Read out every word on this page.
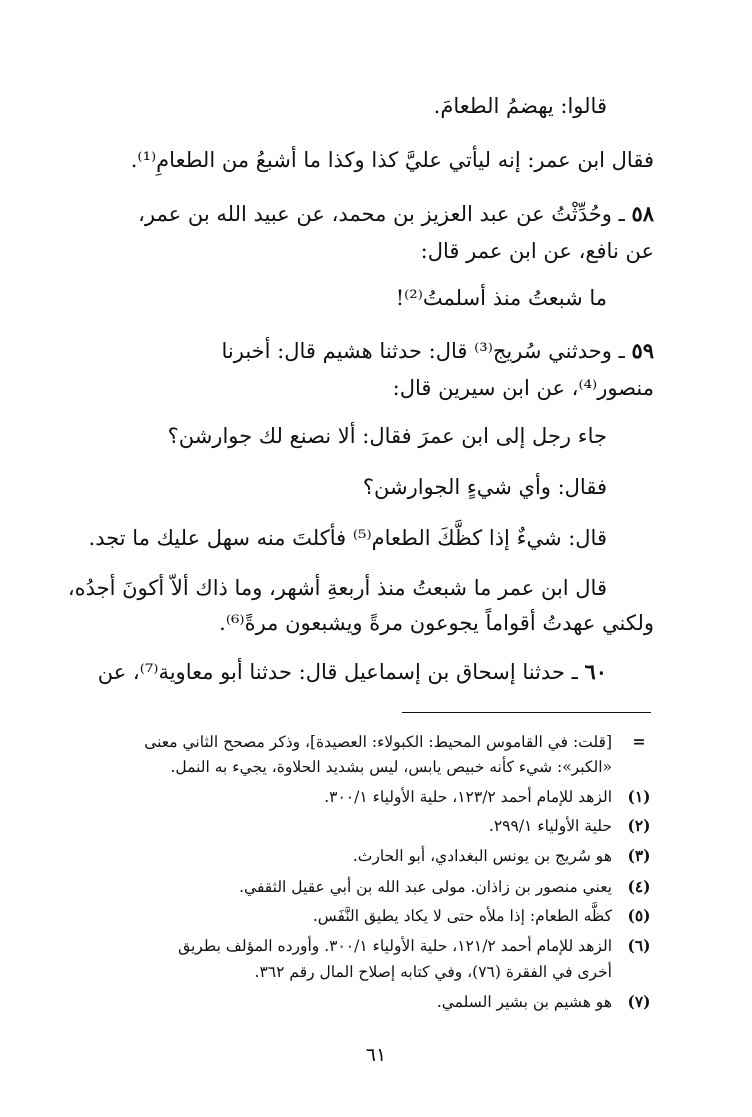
قالوا: يهضمُ الطعامَ.
فقال ابن عمر: إنه ليأتي عليَّ كذا وكذا ما أشبعُ من الطعامِ⁽¹⁾.
٥٨ ـ وحُدِّثْتُ عن عبد العزيز بن محمد، عن عبيد الله بن عمر،
عن نافع، عن ابن عمر قال:
ما شبعتُ منذ أسلمتُ⁽²⁾!
٥٩ ـ وحدثني سُريج⁽³⁾ قال: حدثنا هشيم قال: أخبرنا
منصور⁽⁴⁾، عن ابن سيرين قال:
جاء رجل إلى ابن عمرَ فقال: ألا نصنع لك جوارشن؟
فقال: وأي شيءٍ الجوارشن؟
قال: شيءٌ إذا كظَّكَ الطعام⁽⁵⁾ فأكلتَ منه سهل عليك ما تجد.
قال ابن عمر ما شبعتُ منذ أربعةِ أشهر، وما ذاك ألاّ أكونَ أجدُه،
ولكني عهدتُ أقواماً يجوعون مرةً ويشبعون مرةً⁽⁶⁾.
٦٠ ـ حدثنا إسحاق بن إسماعيل قال: حدثنا أبو معاوية⁽⁷⁾، عن
=
[قلت: في القاموس المحيط: الكبولاء: العصيدة]، وذكر مصحح الثاني معنى
«الكبر»: شيء كأنه خبيص يابس، ليس بشديد الحلاوة، يجيء به النمل.
(١)
الزهد للإمام أحمد ١٢٣/٢، حلية الأولياء ٣٠٠/١.
(٢)
حلية الأولياء ٢٩٩/١.
(٣)
هو سُريج بن يونس البغدادي، أبو الحارث.
(٤)
يعني منصور بن زاذان. مولى عبد الله بن أبي عقيل الثقفي.
(٥)
كظَّه الطعام: إذا ملأه حتى لا يكاد يطيق النَّفَس.
(٦)
الزهد للإمام أحمد ١٢١/٢، حلية الأولياء ٣٠٠/١. وأورده المؤلف بطريق
أخرى في الفقرة (٧٦)، وفي كتابه إصلاح المال رقم ٣٦٢.
(٧)
هو هشيم بن بشير السلمي.
٦١
